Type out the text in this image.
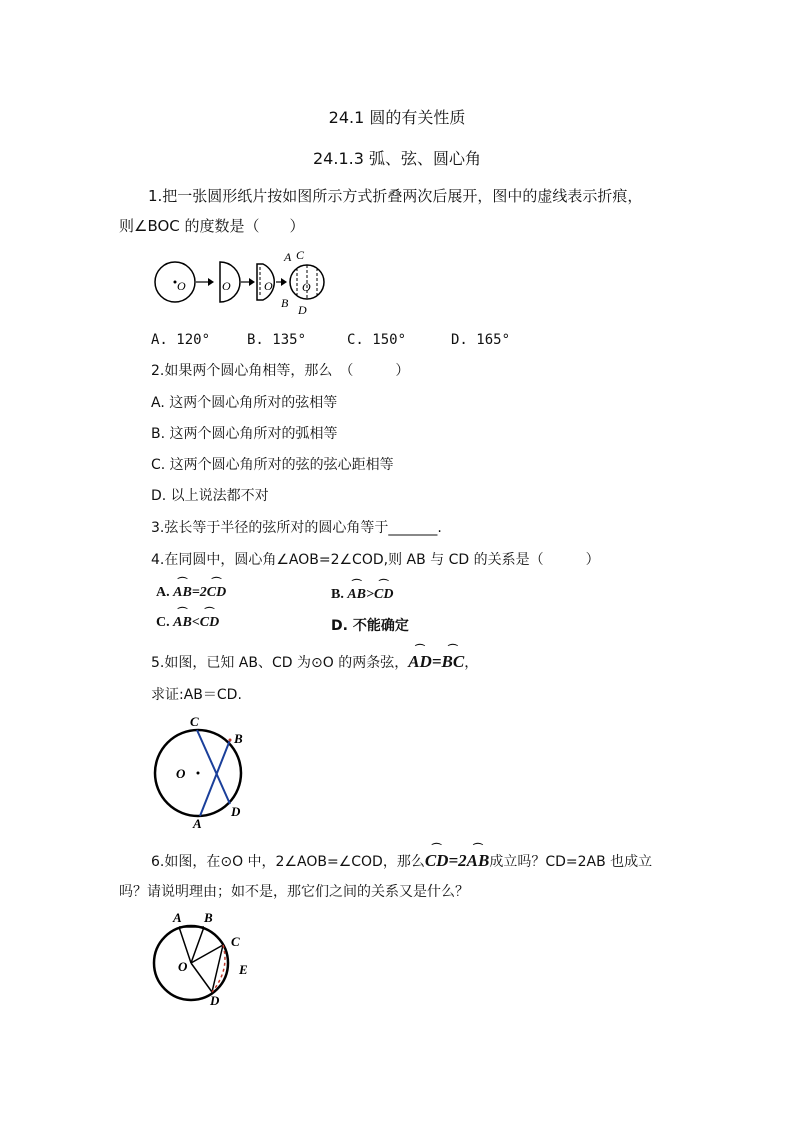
24.1 圆的有关性质
24.1.3 弧、弦、圆心角
1.把一张圆形纸片按如图所示方式折叠两次后展开，图中的虚线表示折痕，
则∠BOC 的度数是（　　）
O	O	O
A C
O
B D
A. 120°	B. 135°	C. 150°	D. 165°
2.如果两个圆心角相等，那么　（　　　）
A. 这两个圆心角所对的弦相等
B. 这两个圆心角所对的弧相等
C. 这两个圆心角所对的弦的弦心距相等
D. 以上说法都不对
3.弦长等于半径的弦所对的圆心角等于_______.
4.在同圆中，圆心角∠AOB=2∠COD,则 AB 与 CD 的关系是（　　　）
A. ⌒ AB=2⌒ CD	B. ⌒ AB>⌒ CD
C. ⌒ AB<⌒ CD	D. 不能确定
5.如图，已知 AB、CD 为⊙O 的两条弦，⌒ AD=⌒ BC，
求证:AB＝CD.
C
B
O
D
A
6.如图，在⊙O 中，2∠AOB=∠COD，那么⌒ CD=2⌒ AB成立吗？CD=2AB 也成立
吗？请说明理由；如不是，那它们之间的关系又是什么？
A B
C
O	E
D
